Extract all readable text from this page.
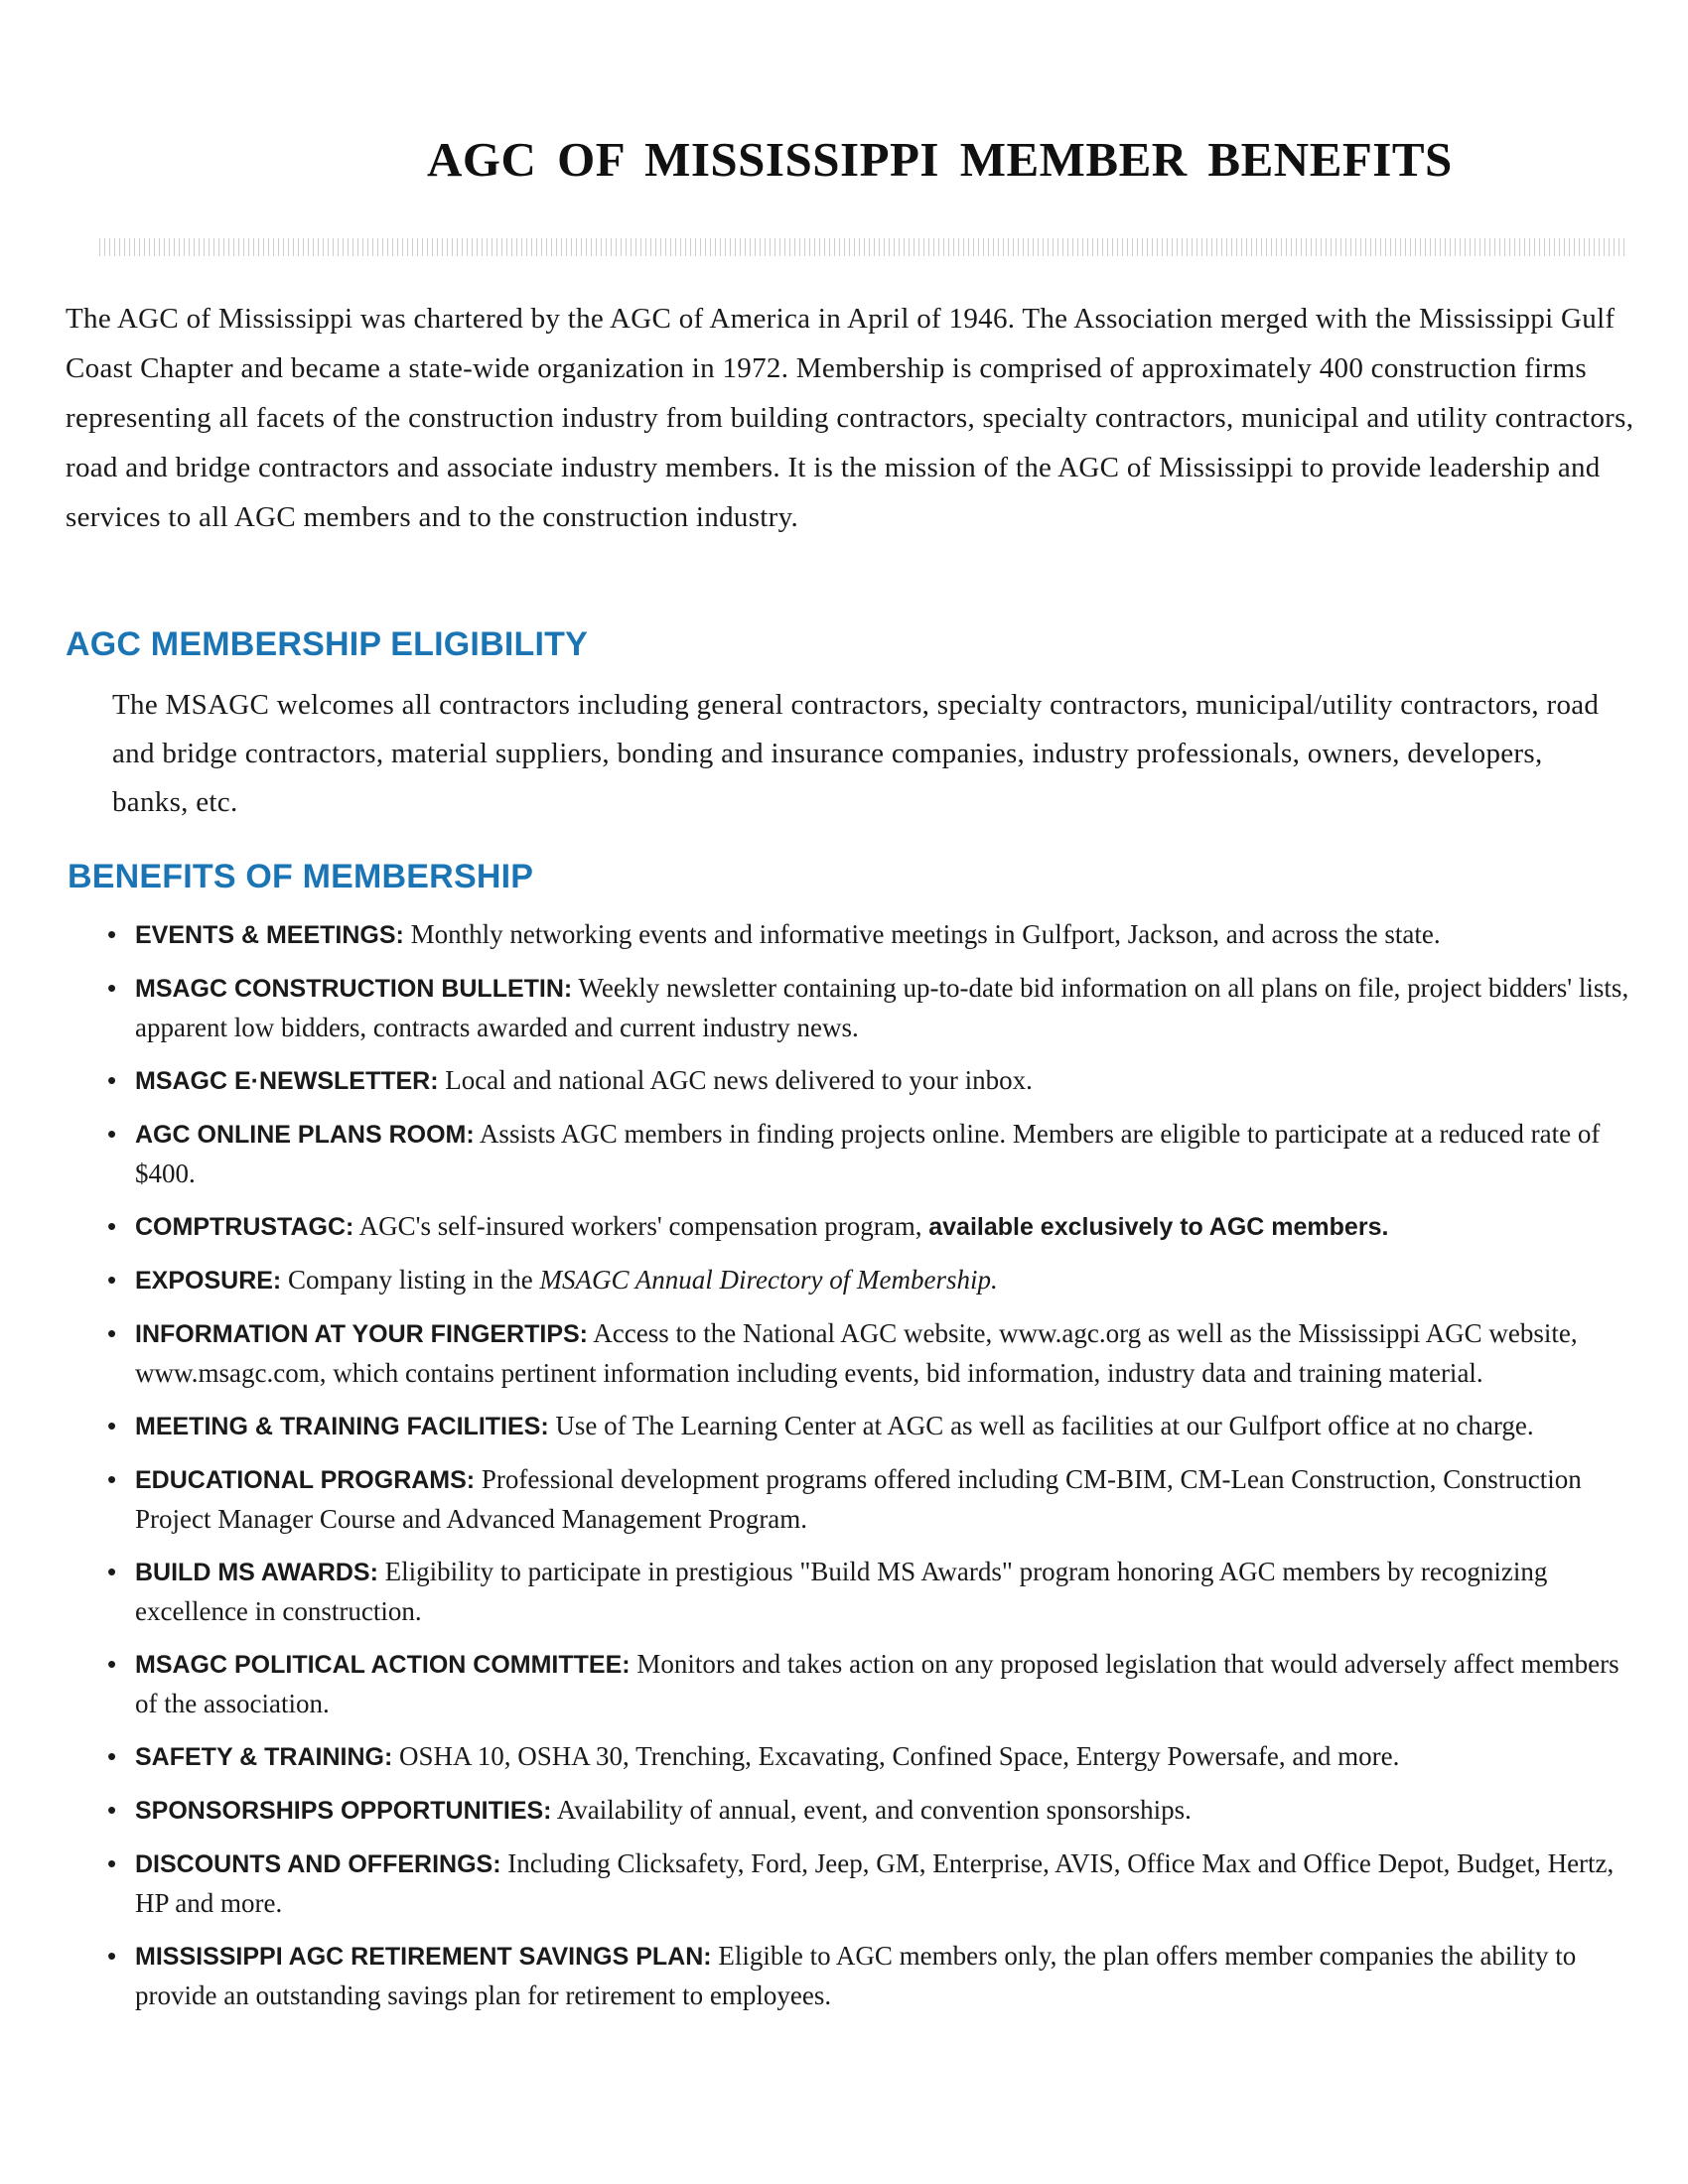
AGC OF MISSISSIPPI MEMBER BENEFITS

The AGC of Mississippi was chartered by the AGC of America in April of 1946. The Association merged with the Mississippi Gulf Coast Chapter and became a state-wide organization in 1972. Membership is comprised of approximately 400 construction firms representing all facets of the construction industry from building contractors, specialty contractors, municipal and utility contractors, road and bridge contractors and associate industry members. It is the mission of the AGC of Mississippi to provide leadership and services to all AGC members and to the construction industry.

AGC MEMBERSHIP ELIGIBILITY

The MSAGC welcomes all contractors including general contractors, specialty contractors, municipal/utility contractors, road and bridge contractors, material suppliers, bonding and insurance companies, industry professionals, owners, developers, banks, etc.

BENEFITS OF MEMBERSHIP
• EVENTS & MEETINGS: Monthly networking events and informative meetings in Gulfport, Jackson, and across the state.
• MSAGC CONSTRUCTION BULLETIN: Weekly newsletter containing up-to-date bid information on all plans on file, project bidders' lists, apparent low bidders, contracts awarded and current industry news.
• MSAGC E·NEWSLETTER: Local and national AGC news delivered to your inbox.
• AGC ONLINE PLANS ROOM: Assists AGC members in finding projects online. Members are eligible to participate at a reduced rate of $400.
• COMPTRUSTAGC: AGC's self-insured workers' compensation program, available exclusively to AGC members.
• EXPOSURE: Company listing in the MSAGC Annual Directory of Membership.
• INFORMATION AT YOUR FINGERTIPS: Access to the National AGC website, www.agc.org as well as the Mississippi AGC website, www.msagc.com, which contains pertinent information including events, bid information, industry data and training material.
• MEETING & TRAINING FACILITIES: Use of The Learning Center at AGC as well as facilities at our Gulfport office at no charge.
• EDUCATIONAL PROGRAMS: Professional development programs offered including CM-BIM, CM-Lean Construction, Construction Project Manager Course and Advanced Management Program.
• BUILD MS AWARDS: Eligibility to participate in prestigious "Build MS Awards" program honoring AGC members by recognizing excellence in construction.
• MSAGC POLITICAL ACTION COMMITTEE: Monitors and takes action on any proposed legislation that would adversely affect members of the association.
• SAFETY & TRAINING: OSHA 10, OSHA 30, Trenching, Excavating, Confined Space, Entergy Powersafe, and more.
• SPONSORSHIPS OPPORTUNITIES: Availability of annual, event, and convention sponsorships.
• DISCOUNTS AND OFFERINGS: Including Clicksafety, Ford, Jeep, GM, Enterprise, AVIS, Office Max and Office Depot, Budget, Hertz, HP and more.
• MISSISSIPPI AGC RETIREMENT SAVINGS PLAN: Eligible to AGC members only, the plan offers member companies the ability to provide an outstanding savings plan for retirement to employees.
